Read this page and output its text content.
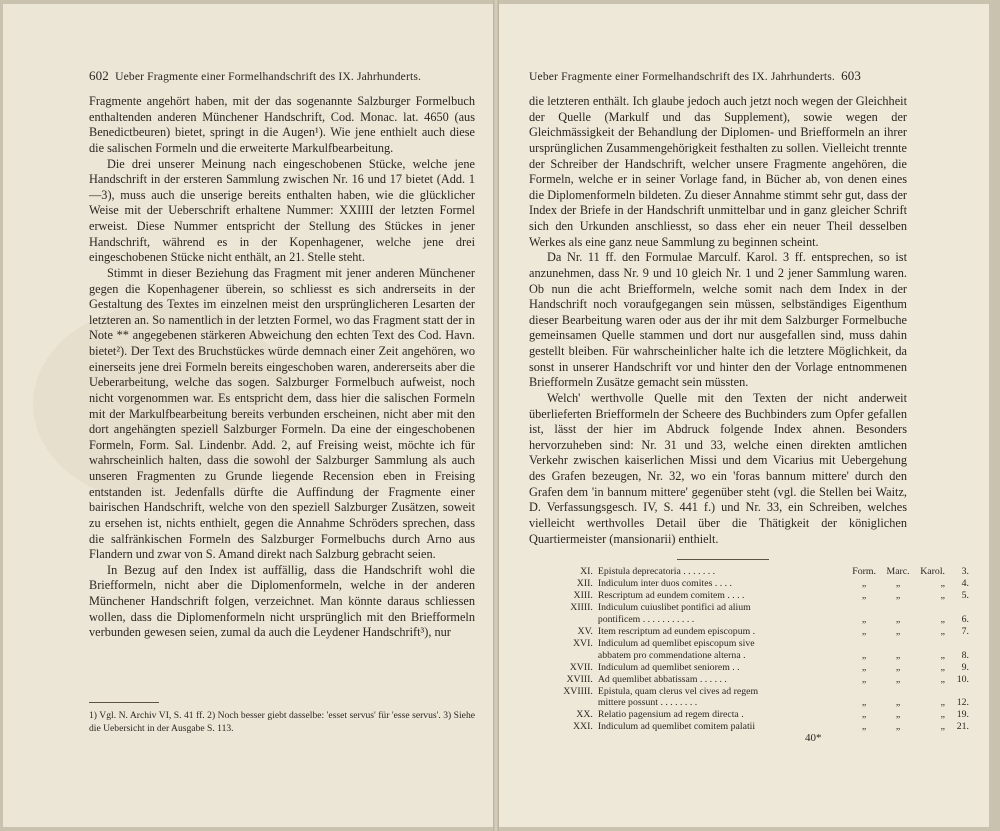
602 Ueber Fragmente einer Formelhandschrift des IX. Jahrhunderts.

Fragmente angehört haben, mit der das sogenannte Salzburger Formelbuch enthaltenden anderen Münchener Handschrift, Cod. Monac. lat. 4650 (aus Benedictbeuren) bietet, springt in die Augen¹). Wie jene enthielt auch diese die salischen Formeln und die erweiterte Markulfbearbeitung.

Die drei unserer Meinung nach eingeschobenen Stücke, welche jene Handschrift in der ersteren Sammlung zwischen Nr. 16 und 17 bietet (Add. 1—3), muss auch die unserige bereits enthalten haben, wie die glücklicher Weise mit der Ueberschrift erhaltene Nummer: XXIIII der letzten Formel erweist. Diese Nummer entspricht der Stellung des Stückes in jener Handschrift, während es in der Kopenhagener, welche jene drei eingeschobenen Stücke nicht enthält, an 21. Stelle steht.

Stimmt in dieser Beziehung das Fragment mit jener anderen Münchener gegen die Kopenhagener überein, so schliesst es sich andrerseits in der Gestaltung des Textes im einzelnen meist den ursprünglicheren Lesarten der letzteren an. So namentlich in der letzten Formel, wo das Fragment statt der in Note ** angegebenen stärkeren Abweichung den echten Text des Cod. Havn. bietet²). Der Text des Bruchstückes würde demnach einer Zeit angehören, wo einerseits jene drei Formeln bereits eingeschoben waren, andererseits aber die Ueberarbeitung, welche das sogen. Salzburger Formelbuch aufweist, noch nicht vorgenommen war. Es entspricht dem, dass hier die salischen Formeln mit der Markulfbearbeitung bereits verbunden erscheinen, nicht aber mit den dort angehängten speziell Salzburger Formeln. Da eine der eingeschobenen Formeln, Form. Sal. Lindenbr. Add. 2, auf Freising weist, möchte ich für wahrscheinlich halten, dass die sowohl der Salzburger Sammlung als auch unseren Fragmenten zu Grunde liegende Recension eben in Freising entstanden ist. Jedenfalls dürfte die Auffindung der Fragmente einer bairischen Handschrift, welche von den speziell Salzburger Zusätzen, soweit zu ersehen ist, nichts enthielt, gegen die Annahme Schröders sprechen, dass die salfränkischen Formeln des Salzburger Formelbuchs durch Arno aus Flandern und zwar von S. Amand direkt nach Salzburg gebracht seien.

In Bezug auf den Index ist auffällig, dass die Handschrift wohl die Briefformeln, nicht aber die Diplomenformeln, welche in der anderen Münchener Handschrift folgen, verzeichnet. Man könnte daraus schliessen wollen, dass die Diplomenformeln nicht ursprünglich mit den Briefformeln verbunden gewesen seien, zumal da auch die Leydener Handschrift³), nur

1) Vgl. N. Archiv VI, S. 41 ff. 2) Noch besser giebt dasselbe: 'esset servus' für 'esse servus'. 3) Siehe die Uebersicht in der Ausgabe S. 113.

Ueber Fragmente einer Formelhandschrift des IX. Jahrhunderts. 603

die letzteren enthält. Ich glaube jedoch auch jetzt noch wegen der Gleichheit der Quelle (Markulf und das Supplement), sowie wegen der Gleichmässigkeit der Behandlung der Diplomen- und Briefformeln an ihrer ursprünglichen Zusammengehörigkeit festhalten zu sollen. Vielleicht trennte der Schreiber der Handschrift, welcher unsere Fragmente angehören, die Formeln, welche er in seiner Vorlage fand, in Bücher ab, von denen eines die Diplomenformeln bildeten. Zu dieser Annahme stimmt sehr gut, dass der Index der Briefe in der Handschrift unmittelbar und in ganz gleicher Schrift sich den Urkunden anschliesst, so dass eher ein neuer Theil desselben Werkes als eine ganz neue Sammlung zu beginnen scheint.

Da Nr. 11 ff. den Formulae Marculf. Karol. 3 ff. entsprechen, so ist anzunehmen, dass Nr. 9 und 10 gleich Nr. 1 und 2 jener Sammlung waren. Ob nun die acht Briefformeln, welche somit nach dem Index in der Handschrift noch voraufgegangen sein müssen, selbständiges Eigenthum dieser Bearbeitung waren oder aus der ihr mit dem Salzburger Formelbuche gemeinsamen Quelle stammen und dort nur ausgefallen sind, muss dahin gestellt bleiben. Für wahrscheinlicher halte ich die letztere Möglichkeit, da sonst in unserer Handschrift vor und hinter den der Vorlage entnommenen Briefformeln Zusätze gemacht sein müssten.

Welch' werthvolle Quelle mit den Texten der nicht anderweit überlieferten Briefformeln der Scheere des Buchbinders zum Opfer gefallen ist, lässt der hier im Abdruck folgende Index ahnen. Besonders hervorzuheben sind: Nr. 31 und 33, welche einen direkten amtlichen Verkehr zwischen kaiserlichen Missi und dem Vicarius mit Uebergehung des Grafen bezeugen, Nr. 32, wo ein 'foras bannum mittere' durch den Grafen dem 'in bannum mittere' gegenüber steht (vgl. die Stellen bei Waitz, D. Verfassungsgesch. IV, S. 441 f.) und Nr. 33, ein Schreiben, welches vielleicht werthvolles Detail über die Thätigkeit der königlichen Quartiermeister (mansionarii) enthielt.

XI.	Epistula deprecatoria . . . . . . .	Form.	Marc.	Karol.	3.
XII.	Indiculum inter duos comites . . . .	„	„	„	4.
XIII.	Rescriptum ad eundem comitem . . . .	„	„	„	5.
XIIII.	Indiculum cuiuslibet pontifici ad alium				
	pontificem . . . . . . . . . . .	„	„	„	6.
XV.	Item rescriptum ad eundem episcopum .	„	„	„	7.
XVI.	Indiculum ad quemlibet episcopum sive				
	abbatem pro commendatione alterna .	„	„	„	8.
XVII.	Indiculum ad quemlibet seniorem . .	„	„	„	9.
XVIII.	Ad quemlibet abbatissam . . . . . .	„	„	„	10.
XVIIII.	Epistula, quam clerus vel cives ad regem				
	mittere possunt . . . . . . . .	„	„	„	12.
XX.	Relatio pagensium ad regem directa .	„	„	„	19.
XXI.	Indiculum ad quemlibet comitem palatii	„	„	„	21.
40*
